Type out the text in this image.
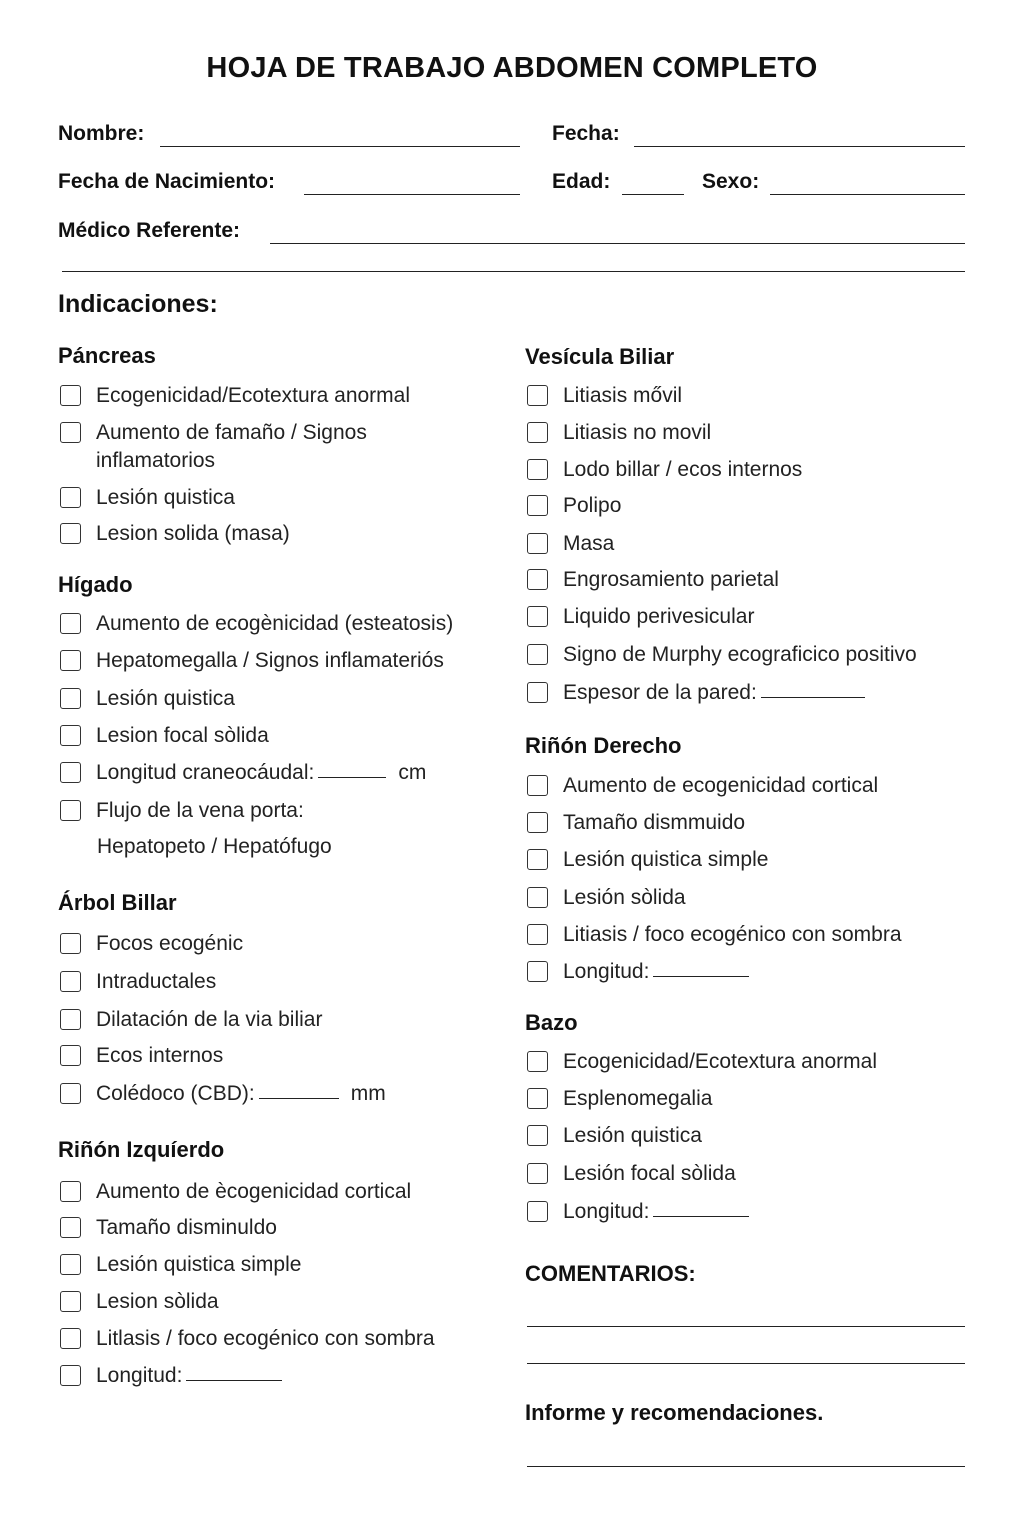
HOJA DE TRABAJO ABDOMEN COMPLETO
Nombre:	Fecha:
Fecha de Nacimiento:	Edad:	Sexo:
Médico Referente:
Indicaciones:
Páncreas
Ecogenicidad/Ecotextura anormal
Aumento de famaño / Signos
inflamatorios
Lesión quistica
Lesion solida (masa)
Hígado
Aumento de ecogènicidad (esteatosis)
Hepatomegalla / Signos inflamateriós
Lesión quistica
Lesion focal sòlida
Longitud craneocáudal:	cm
Flujo de la vena porta:
Hepatopeto / Hepatófugo
Árbol Billar
Focos ecogénic
Intraductales
Dilatación de la via biliar
Ecos internos
Colédoco (CBD):	mm
Riñón Izquíerdo
Aumento de ècogenicidad cortical
Tamaño disminuldo
Lesión quistica simple
Lesion sòlida
Litlasis / foco ecogénico con sombra
Longitud:
Vesícula Biliar
Litiasis mővil
Litiasis no movil
Lodo billar / ecos internos
Polipo
Masa
Engrosamiento parietal
Liquido perivesicular
Signo de Murphy ecograficico positivo
Espesor de la pared:
Riñón Derecho
Aumento de ecogenicidad cortical
Tamaño dismmuido
Lesión quistica simple
Lesión sòlida
Litiasis / foco ecogénico con sombra
Longitud:
Bazo
Ecogenicidad/Ecotextura anormal
Esplenomegalia
Lesión quistica
Lesión focal sòlida
Longitud:
COMENTARIOS:
Informe y recomendaciones.
